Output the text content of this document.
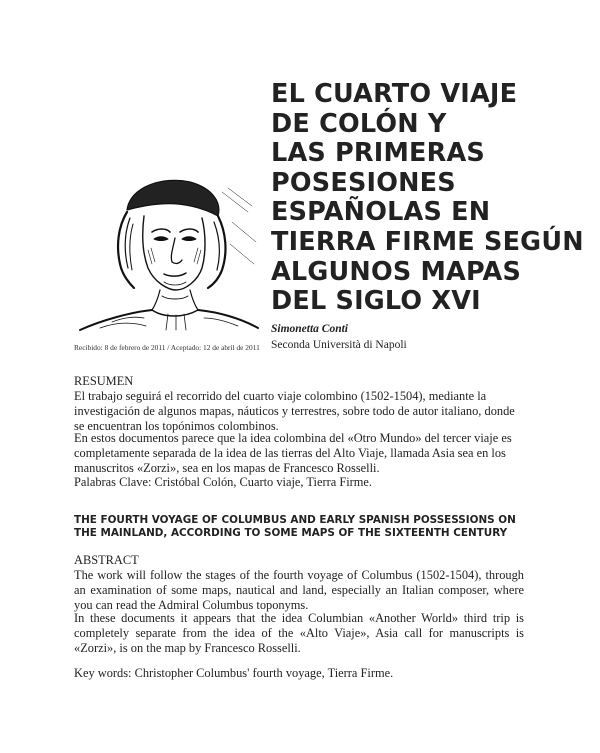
EL CUARTO VIAJE
DE COLÓN Y
LAS PRIMERAS
POSESIONES
ESPAÑOLAS EN
TIERRA FIRME SEGÚN
ALGUNOS MAPAS
DEL SIGLO XVI
Simonetta Conti
Seconda Università di Napoli
Recibido: 8 de febrero de 2011 / Aceptado: 12 de abril de 2011

RESUMEN

El trabajo seguirá el recorrido del cuarto viaje colombino (1502-1504), mediante la investigación de algunos mapas, náuticos y terrestres, sobre todo de autor italiano, donde se encuentran los topónimos colombinos.

En estos documentos parece que la idea colombina del «Otro Mundo» del tercer viaje es completamente separada de la idea de las tierras del Alto Viaje, llamada Asia sea en los manuscritos «Zorzi», sea en los mapas de Francesco Rosselli.

Palabras Clave: Cristóbal Colón, Cuarto viaje, Tierra Firme.

THE FOURTH VOYAGE OF COLUMBUS AND EARLY SPANISH POSSESSIONS ON
THE MAINLAND, ACCORDING TO SOME MAPS OF THE SIXTEENTH CENTURY

ABSTRACT

The work will follow the stages of the fourth voyage of Columbus (1502-1504), through an examination of some maps, nautical and land, especially an Italian composer, where you can read the Admiral Columbus toponyms.

In these documents it appears that the idea Columbian «Another World» third trip is completely separate from the idea of the «Alto Viaje», Asia call for manuscripts is «Zorzi», is on the map by Francesco Rosselli.

Key words: Christopher Columbus' fourth voyage, Tierra Firme.
